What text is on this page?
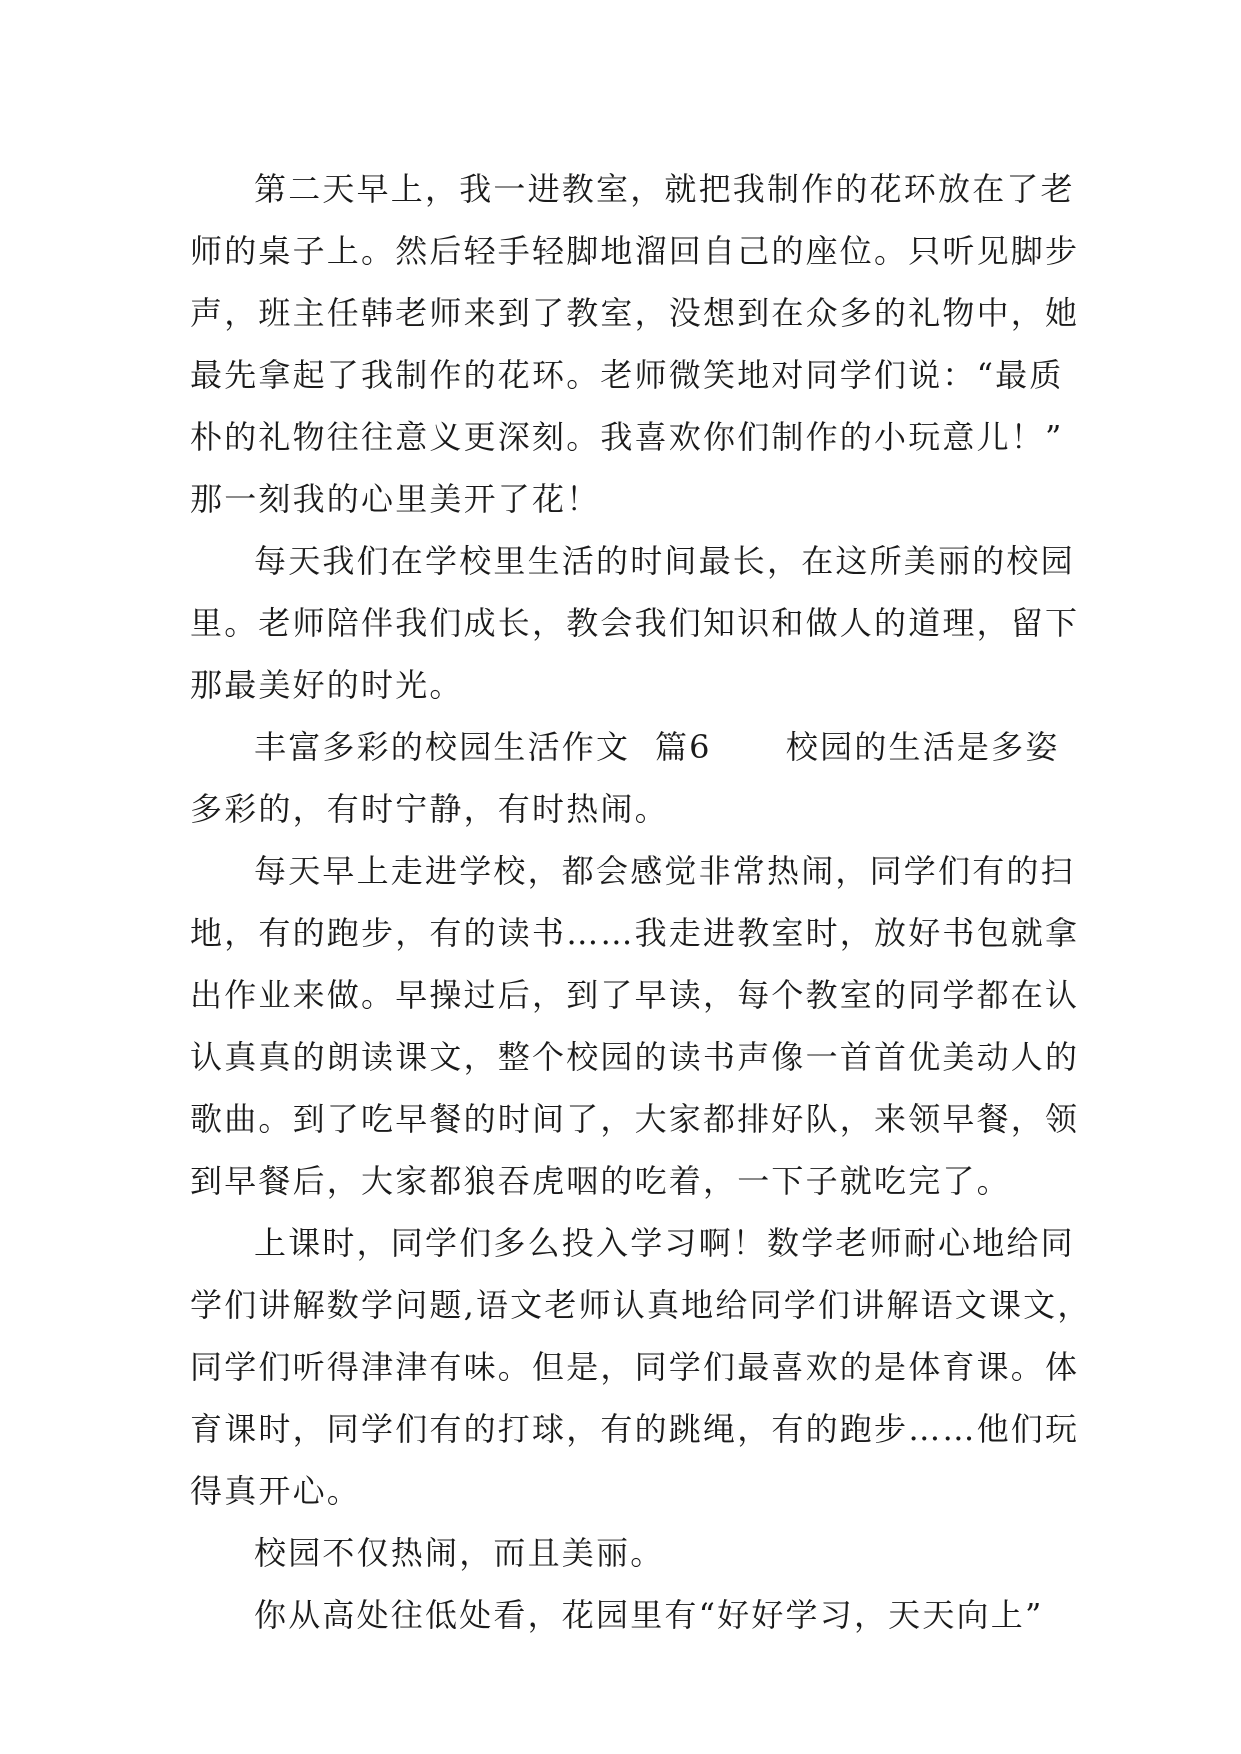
第二天早上，我一进教室，就把我制作的花环放在了老
师的桌子上。然后轻手轻脚地溜回自己的座位。只听见脚步
声，班主任韩老师来到了教室，没想到在众多的礼物中，她
最先拿起了我制作的花环。老师微笑地对同学们说：“最质
朴的礼物往往意义更深刻。我喜欢你们制作的小玩意儿！”
那一刻我的心里美开了花！
每天我们在学校里生活的时间最长，在这所美丽的校园
里。老师陪伴我们成长，教会我们知识和做人的道理，留下
那最美好的时光。
丰富多彩的校园生活作文  篇6      校园的生活是多姿
多彩的，有时宁静，有时热闹。
每天早上走进学校，都会感觉非常热闹，同学们有的扫
地，有的跑步，有的读书……我走进教室时，放好书包就拿
出作业来做。早操过后，到了早读，每个教室的同学都在认
认真真的朗读课文，整个校园的读书声像一首首优美动人的
歌曲。到了吃早餐的时间了，大家都排好队，来领早餐，领
到早餐后，大家都狼吞虎咽的吃着，一下子就吃完了。
上课时，同学们多么投入学习啊！数学老师耐心地给同
学们讲解数学问题,语文老师认真地给同学们讲解语文课文，
同学们听得津津有味。但是，同学们最喜欢的是体育课。体
育课时，同学们有的打球，有的跳绳，有的跑步……他们玩
得真开心。
校园不仅热闹，而且美丽。
你从高处往低处看，花园里有“好好学习，天天向上”
